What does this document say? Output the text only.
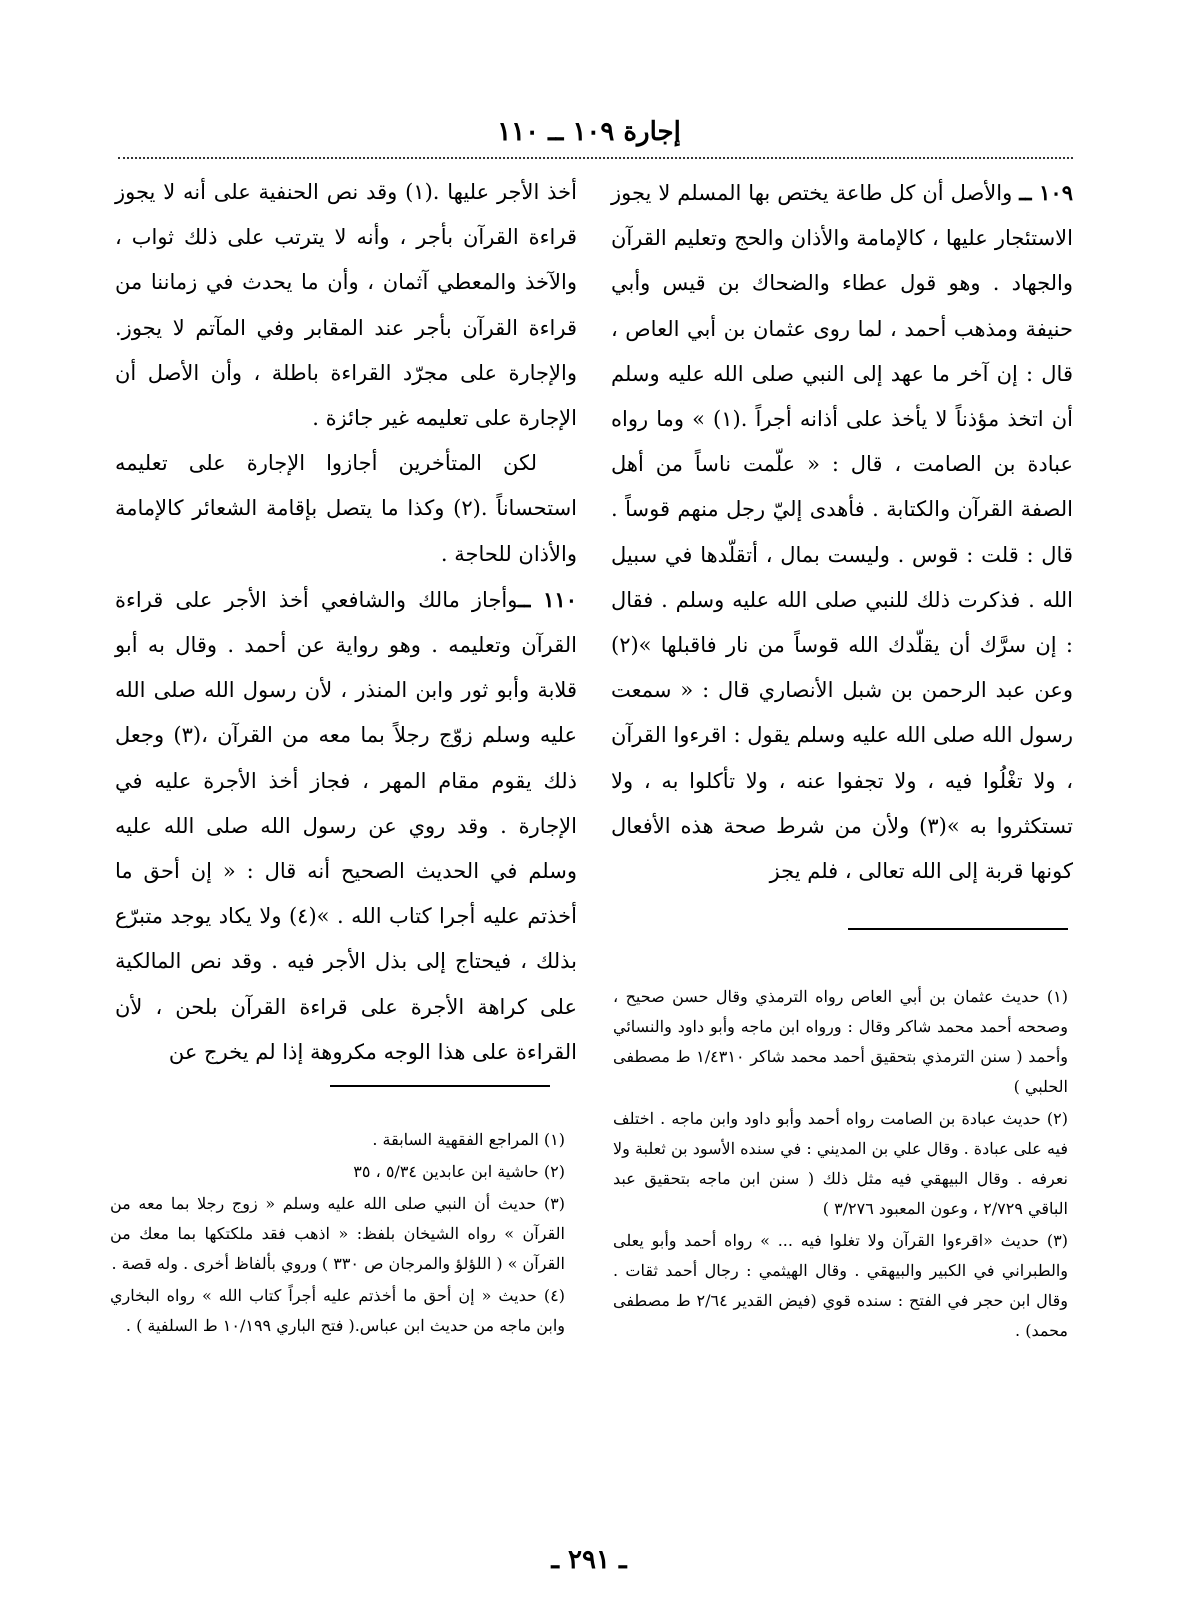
إجارة ١٠٩ ــ ١١٠

١٠٩ ــ والأصل أن كل طاعة يختص بها المسلم لا يجوز الاستئجار عليها ، كالإمامة والأذان والحج وتعليم القرآن والجهاد . وهو قول عطاء والضحاك بن قيس وأبي حنيفة ومذهب أحمد ، لما روى عثمان بن أبي العاص ، قال : إن آخر ما عهد إلى النبي صلى الله عليه وسلم أن اتخذ مؤذناً لا يأخذ على أذانه أجراً .(١) » وما رواه عبادة بن الصامت ، قال : « علّمت ناساً من أهل الصفة القرآن والكتابة . فأهدى إليّ رجل منهم قوساً . قال : قلت : قوس . وليست بمال ، أتقلّدها في سبيل الله . فذكرت ذلك للنبي صلى الله عليه وسلم . فقال : إن سرَّك أن يقلّدك الله قوساً من نار فاقبلها »(٢) وعن عبد الرحمن بن شبل الأنصاري قال : « سمعت رسول الله صلى الله عليه وسلم يقول : اقرءوا القرآن ، ولا تغْلُوا فيه ، ولا تجفوا عنه ، ولا تأكلوا به ، ولا تستكثروا به »(٣) ولأن من شرط صحة هذه الأفعال كونها قربة إلى الله تعالى ، فلم يجز

أخذ الأجر عليها .(١) وقد نص الحنفية على أنه لا يجوز قراءة القرآن بأجر ، وأنه لا يترتب على ذلك ثواب ، والآخذ والمعطي آثمان ، وأن ما يحدث في زماننا من قراءة القرآن بأجر عند المقابر وفي المآتم لا يجوز. والإجارة على مجرّد القراءة باطلة ، وأن الأصل أن الإجارة على تعليمه غير جائزة .

لكن المتأخرين أجازوا الإجارة على تعليمه استحساناً .(٢) وكذا ما يتصل بإقامة الشعائر كالإمامة والأذان للحاجة .

١١٠ ــوأجاز مالك والشافعي أخذ الأجر على قراءة القرآن وتعليمه . وهو رواية عن أحمد . وقال به أبو قلابة وأبو ثور وابن المنذر ، لأن رسول الله صلى الله عليه وسلم زوّج رجلاً بما معه من القرآن ،(٣) وجعل ذلك يقوم مقام المهر ، فجاز أخذ الأجرة عليه في الإجارة . وقد روي عن رسول الله صلى الله عليه وسلم في الحديث الصحيح أنه قال : « إن أحق ما أخذتم عليه أجرا كتاب الله . »(٤) ولا يكاد يوجد متبرّع بذلك ، فيحتاج إلى بذل الأجر فيه . وقد نص المالكية على كراهة الأجرة على قراءة القرآن بلحن ، لأن القراءة على هذا الوجه مكروهة إذا لم يخرج عن

(١) حديث عثمان بن أبي العاص رواه الترمذي وقال حسن صحيح ، وصححه أحمد محمد شاكر وقال : ورواه ابن ماجه وأبو داود والنسائي وأحمد ( سنن الترمذي بتحقيق أحمد محمد شاكر ١/٤٣١٠ ط مصطفى الحلبي )

(٢) حديث عبادة بن الصامت رواه أحمد وأبو داود وابن ماجه . اختلف فيه على عبادة . وقال علي بن المديني : في سنده الأسود بن ثعلبة ولا نعرفه . وقال البيهقي فيه مثل ذلك ( سنن ابن ماجه بتحقيق عبد الباقي ٢/٧٢٩ ، وعون المعبود ٣/٢٧٦ )

(٣) حديث «اقرءوا القرآن ولا تغلوا فيه ... » رواه أحمد وأبو يعلى والطبراني في الكبير والبيهقي . وقال الهيثمي : رجال أحمد ثقات . وقال ابن حجر في الفتح : سنده قوي (فيض القدير ٢/٦٤ ط مصطفى محمد) .

(١) المراجع الفقهية السابقة .

(٢) حاشية ابن عابدين ٥/٣٤ ، ٣٥

(٣) حديث أن النبي صلى الله عليه وسلم « زوج رجلا بما معه من القرآن » رواه الشيخان بلفظ: « اذهب فقد ملكتكها بما معك من القرآن » ( اللؤلؤ والمرجان ص ٣٣٠ ) وروي بألفاظ أخرى . وله قصة .

(٤) حديث « إن أحق ما أخذتم عليه أجراً كتاب الله » رواه البخاري وابن ماجه من حديث ابن عباس.( فتح الباري ١٠/١٩٩ ط السلفية ) .

ـ ٢٩١ ـ
